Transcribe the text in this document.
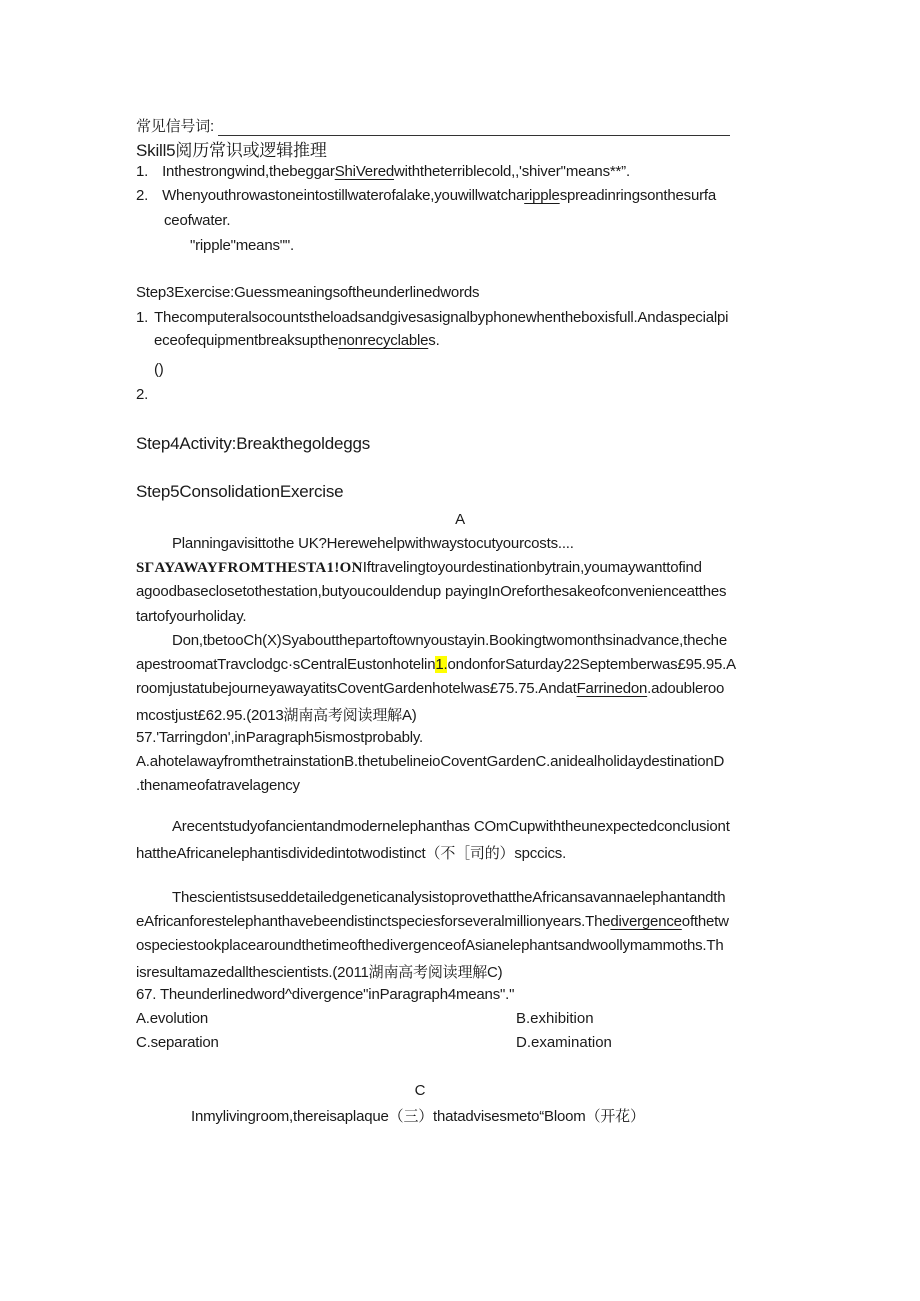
常见信号词:
Skill5阅历常识或逻辑推理
1. Inthestrongwind,thebeggarShiVeredwiththeterriblecold,,'shiver''means**”.
2. Whenyouthrowastoneintostillwaterofalake,youwillwatcharipplespreadinringsonthesurfa
ceofwater.
"ripple"means"".
Step3Exercise:Guessmeaningsoftheunderlinedwords
1. Thecomputeralsocountstheloadsandgivesasignalbyphonewhentheboxisfull.Andaspecialpi
eceofequipmentbreaksupthenonrecyclables.
()
2.
Step4Activity:Breakthegoldeggs
Step5ConsolidationExercise
A
Planningavisittothe UK?Herewehelpwithwaystocutyourcosts....
SΓAYAWAYFROMTHESTA1!ONIftravelingtoyourdestinationbytrain,youmaywanttofind
agoodbaseclosetothestation,butyoucouldendup payingInOreforthesakeofconvenienceatthes
tartofyourholiday.
Don,tbetooCh(X)Syaboutthepartoftownyoustayin.Bookingtwomonthsinadvance,theche
apestroomatTravclodgc·sCentralEustonhotelin1.ondonforSaturday22Septemberwas£95.95.A
roomjustatubejourneyawayatitsCoventGardenhotelwas£75.75.AndatFarrinedon.adoubleroo
mcostjust£62.95.(2013湖南高考阅读理解A)
57.'Tarringdon',inParagraph5ismostprobably.
A.ahotelawayfromthetrainstationB.thetubelineioCoventGardenC.anidealholidaydestinationD
.thenameofatravelagency
Arecentstudyofancientandmodernelephanthas COmCupwiththeunexpectedconclusiont
hattheAfricanelephantisdividedintotwodistinct（不［司的）spccics.
ThescientistsuseddetailedgeneticanalysistoprovethattheAfricansavannaelephantandth
eAfricanforestelephanthavebeendistinctspeciesforseveralmillionyears.Thedivergenceofthetw
ospeciestookplacearoundthetimeofthedivergenceofAsianelephantsandwoollymammoths.Th
isresultamazedallthescientists.(2011湖南高考阅读理解C)
67. Theunderlinedword^divergence"inParagraph4means"."
A.evolution	B.exhibition
C.separation	D.examination
C
Inmylivingroom,thereisaplaque（三）thatadvisesmeto“Bloom（开花）
